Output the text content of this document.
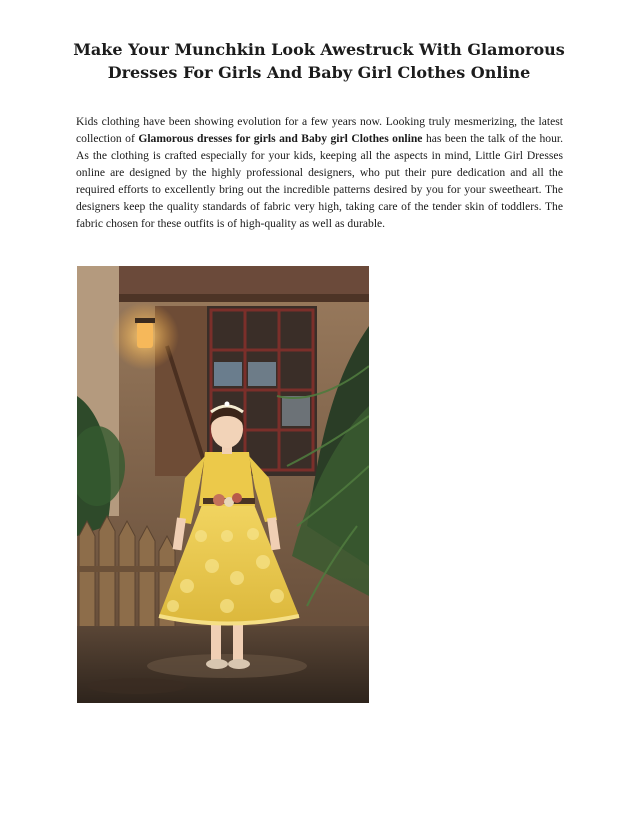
Make Your Munchkin Look Awestruck With Glamorous
Dresses For Girls And Baby Girl Clothes Online

Kids clothing have been showing evolution for a few years now. Looking truly mesmerizing, the latest collection of Glamorous dresses for girls and Baby girl Clothes online has been the talk of the hour. As the clothing is crafted especially for your kids, keeping all the aspects in mind, Little Girl Dresses online are designed by the highly professional designers, who put their pure dedication and all the required efforts to excellently bring out the incredible patterns desired by you for your sweetheart. The designers keep the quality standards of fabric very high, taking care of the tender skin of toddlers. The fabric chosen for these outfits is of high-quality as well as durable.
